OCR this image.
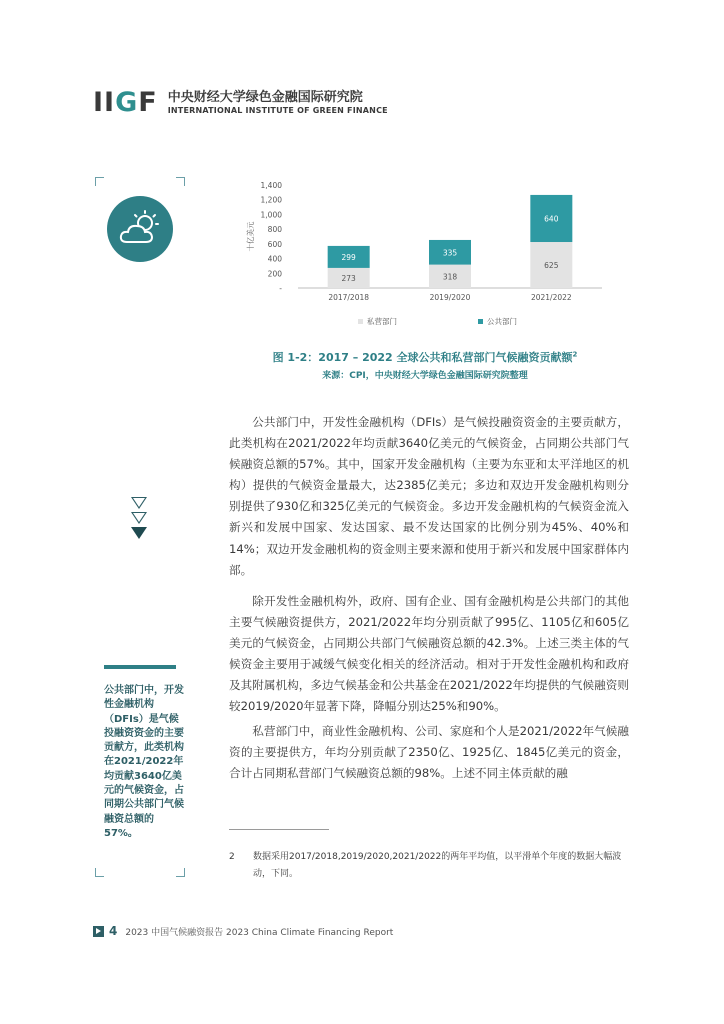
IIGF 中央财经大学绿色金融国际研究院
INTERNATIONAL INSTITUTE OF GREEN FINANCE
公共部门中，开发性金融机构（DFIs）是气候投融资资金的主要贡献方，此类机构在2021/2022年均贡献3640亿美元的气候资金，占同期公共部门气候融资总额的57%。
-
200
400
600
800
1,000
1,200
1,400
十亿美元
273
299
2017/2018
318
335
2019/2020
625
640
2021/2022
私营部门	公共部门
图 1-2：2017 – 2022 全球公共和私营部门气候融资贡献额$^2$
来源：CPI，中央财经大学绿色金融国际研究院整理

公共部门中，开发性金融机构（DFIs）是气候投融资资金的主要贡献方，此类机构在2021/2022年均贡献3640亿美元的气候资金，占同期公共部门气候融资总额的57%。其中，国家开发金融机构（主要为东亚和太平洋地区的机构）提供的气候资金量最大，达2385亿美元；多边和双边开发金融机构则分别提供了930亿和325亿美元的气候资金。多边开发金融机构的气候资金流入新兴和发展中国家、发达国家、最不发达国家的比例分别为45%、40%和14%；双边开发金融机构的资金则主要来源和使用于新兴和发展中国家群体内部。

除开发性金融机构外，政府、国有企业、国有金融机构是公共部门的其他主要气候融资提供方，2021/2022年均分别贡献了995亿、1105亿和605亿美元的气候资金，占同期公共部门气候融资总额的42.3%。上述三类主体的气候资金主要用于减缓气候变化相关的经济活动。相对于开发性金融机构和政府及其附属机构，多边气候基金和公共基金在2021/2022年均提供的气候融资则较2019/2020年显著下降，降幅分别达25%和90%。

私营部门中，商业性金融机构、公司、家庭和个人是2021/2022年气候融资的主要提供方，年均分别贡献了2350亿、1925亿、1845亿美元的资金，合计占同期私营部门气候融资总额的98%。上述不同主体贡献的融

2	数据采用2017/2018,2019/2020,2021/2022的两年平均值，以平滑单个年度的数据大幅波动，下同。
4 2023 中国气候融资报告 2023 China Climate Financing Report
